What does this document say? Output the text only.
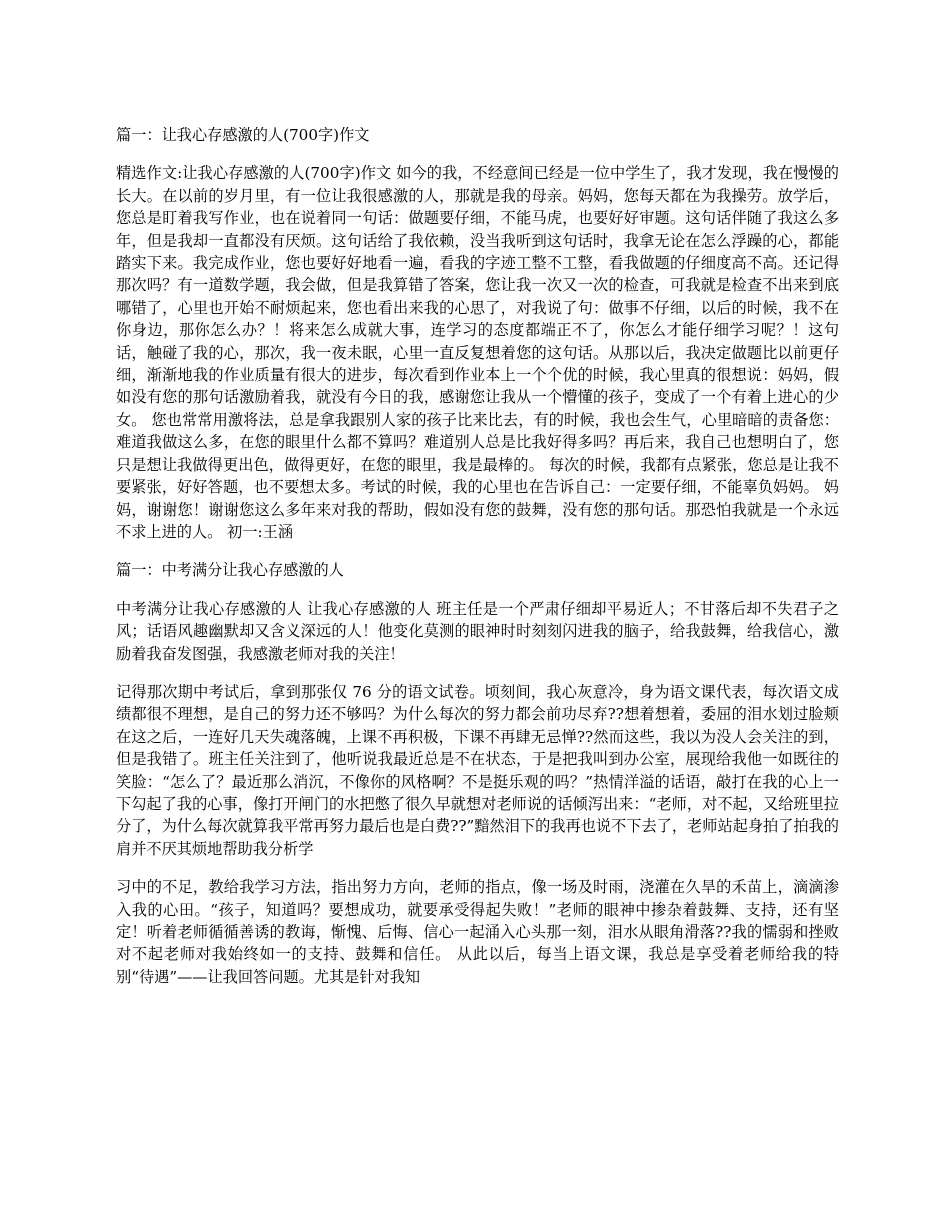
篇一：让我心存感激的人(700字)作文

精选作文:让我心存感激的人(700字)作文 如今的我，不经意间已经是一位中学生了，我才发现，我在慢慢的长大。在以前的岁月里，有一位让我很感激的人，那就是我的母亲。妈妈，您每天都在为我操劳。放学后，您总是盯着我写作业，也在说着同一句话：做题要仔细，不能马虎，也要好好审题。这句话伴随了我这么多年，但是我却一直都没有厌烦。这句话给了我依赖，没当我听到这句话时，我拿无论在怎么浮躁的心，都能踏实下来。我完成作业，您也要好好地看一遍，看我的字迹工整不工整，看我做题的仔细度高不高。还记得那次吗？有一道数学题，我会做，但是我算错了答案，您让我一次又一次的检查，可我就是检查不出来到底哪错了，心里也开始不耐烦起来，您也看出来我的心思了，对我说了句：做事不仔细，以后的时候，我不在你身边，那你怎么办？！将来怎么成就大事，连学习的态度都端正不了，你怎么才能仔细学习呢？！这句话，触碰了我的心，那次，我一夜未眠，心里一直反复想着您的这句话。从那以后，我决定做题比以前更仔细，渐渐地我的作业质量有很大的进步，每次看到作业本上一个个优的时候，我心里真的很想说：妈妈，假如没有您的那句话激励着我，就没有今日的我，感谢您让我从一个懵懂的孩子，变成了一个有着上进心的少女。 您也常常用激将法，总是拿我跟别人家的孩子比来比去，有的时候，我也会生气，心里暗暗的责备您：难道我做这么多，在您的眼里什么都不算吗？难道别人总是比我好得多吗？再后来，我自己也想明白了，您只是想让我做得更出色，做得更好，在您的眼里，我是最棒的。 每次的时候，我都有点紧张，您总是让我不要紧张，好好答题，也不要想太多。考试的时候，我的心里也在告诉自己：一定要仔细，不能辜负妈妈。 妈妈，谢谢您！谢谢您这么多年来对我的帮助，假如没有您的鼓舞，没有您的那句话。那恐怕我就是一个永远不求上进的人。 初一:王涵

篇一：中考满分让我心存感激的人

中考满分让我心存感激的人 让我心存感激的人 班主任是一个严肃仔细却平易近人；不甘落后却不失君子之风；话语风趣幽默却又含义深远的人！他变化莫测的眼神时时刻刻闪进我的脑子，给我鼓舞，给我信心，激励着我奋发图强，我感激老师对我的关注！

记得那次期中考试后，拿到那张仅 76 分的语文试卷。顷刻间，我心灰意冷，身为语文课代表，每次语文成绩都很不理想，是自己的努力还不够吗？为什么每次的努力都会前功尽弃??想着想着，委屈的泪水划过脸颊在这之后，一连好几天失魂落魄，上课不再积极，下课不再肆无忌惮??然而这些，我以为没人会关注的到，但是我错了。班主任关注到了，他听说我最近总是不在状态，于是把我叫到办公室，展现给我他一如既往的笑脸：“怎么了？最近那么消沉，不像你的风格啊？不是挺乐观的吗？”热情洋溢的话语，敲打在我的心上一下勾起了我的心事，像打开闸门的水把憋了很久早就想对老师说的话倾泻出来：“老师，对不起，又给班里拉分了，为什么每次就算我平常再努力最后也是白费??”黯然泪下的我再也说不下去了，老师站起身拍了拍我的肩并不厌其烦地帮助我分析学

习中的不足，教给我学习方法，指出努力方向，老师的指点，像一场及时雨，浇灌在久旱的禾苗上，滴滴渗入我的心田。“孩子，知道吗？要想成功，就要承受得起失败！”老师的眼神中掺杂着鼓舞、支持，还有坚定！听着老师循循善诱的教诲，惭愧、后悔、信心一起涌入心头那一刻，泪水从眼角滑落??我的懦弱和挫败对不起老师对我始终如一的支持、鼓舞和信任。 从此以后，每当上语文课，我总是享受着老师给我的特别“待遇”——让我回答问题。尤其是针对我知
